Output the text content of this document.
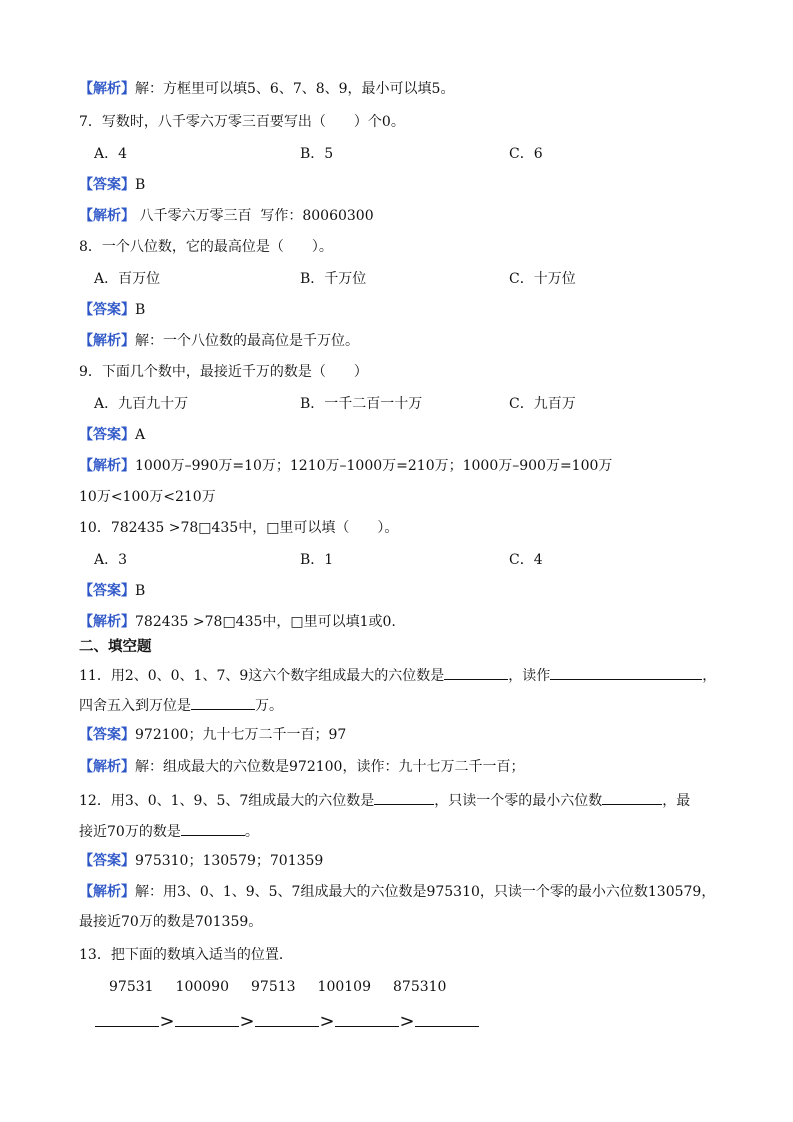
【解析】解：方框里可以填5、6、7、8、9，最小可以填5。
7．写数时，八千零六万零三百要写出（ ）个0。
A．4	B．5	C．6
【答案】B
【解析】 八千零六万零三百  写作：80060300
8．一个八位数，它的最高位是（　　）。
A．百万位	B．千万位	C．十万位
【答案】B
【解析】解：一个八位数的最高位是千万位。
9．下面几个数中，最接近千万的数是（　　）
A．九百九十万	B．一千二百一十万	C．九百万
【答案】A
【解析】1000万–990万=10万；1210万–1000万=210万；1000万–900万=100万
10万<100万<210万
10．782435 >78□435中，□里可以填（　　）。
A．3	B．1	C．4
【答案】B
【解析】782435 >78□435中，□里可以填1或0.
二、填空题
11．用2、0、0、1、7、9这六个数字组成最大的六位数是	，读作	，
四舍五入到万位是	万。
【答案】972100；九十七万二千一百；97
【解析】解：组成最大的六位数是972100，读作：九十七万二千一百；
12．用3、0、1、9、5、7组成最大的六位数是	，只读一个零的最小六位数	，最
接近70万的数是	。
【答案】975310；130579；701359
【解析】解：用3、0、1、9、5、7组成最大的六位数是975310，只读一个零的最小六位数130579，
最接近70万的数是701359。
13．把下面的数填入适当的位置．
97531 100090 97513 100109 875310
>	>	>	>
